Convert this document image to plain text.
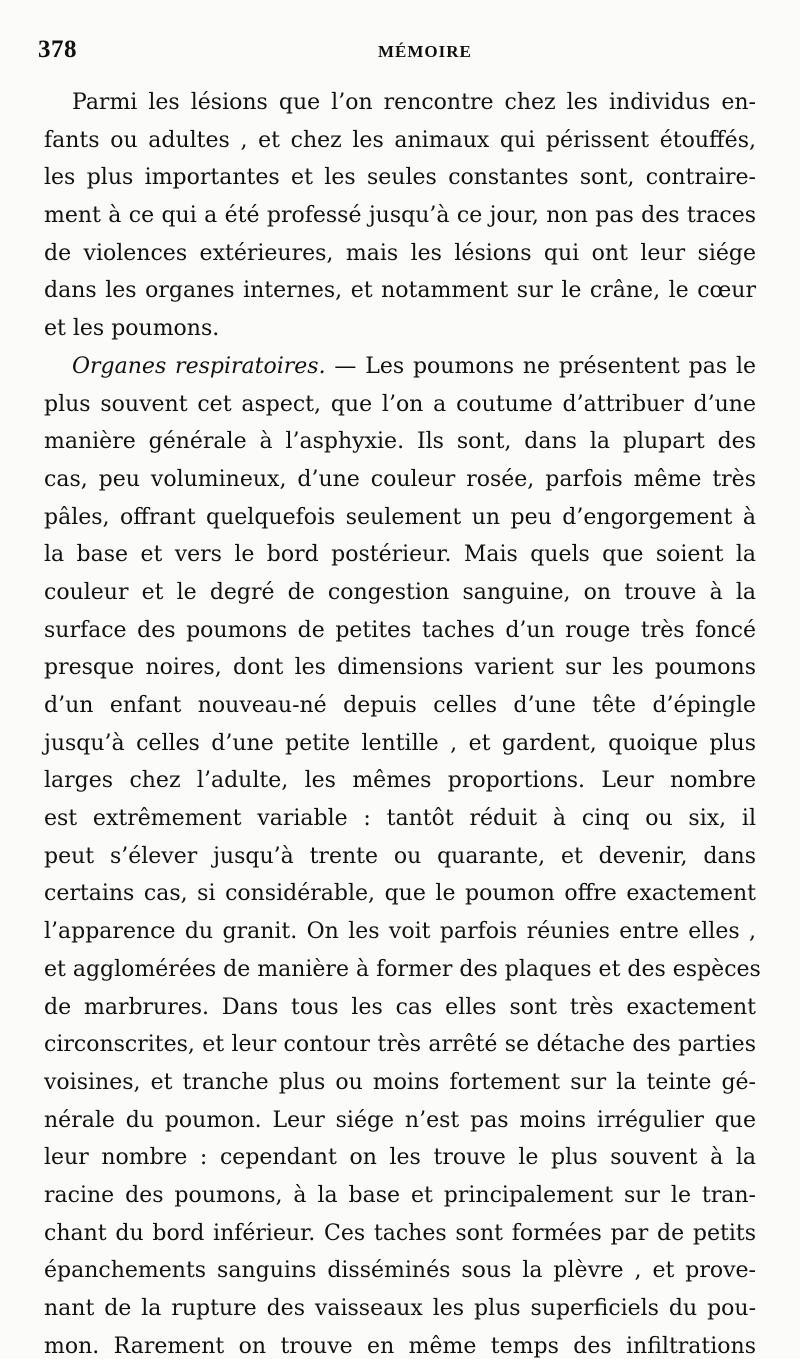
378	MÉMOIRE
Parmi les lésions que l’on rencontre chez les individus en-
fants ou adultes , et chez les animaux qui périssent étouffés,
les plus importantes et les seules constantes sont, contraire-
ment à ce qui a été professé jusqu’à ce jour, non pas des traces
de violences extérieures, mais les lésions qui ont leur siége
dans les organes internes, et notamment sur le crâne, le cœur
et les poumons.
Organes respiratoires. — Les poumons ne présentent pas le
plus souvent cet aspect, que l’on a coutume d’attribuer d’une
manière générale à l’asphyxie. Ils sont, dans la plupart des
cas, peu volumineux, d’une couleur rosée, parfois même très
pâles, offrant quelquefois seulement un peu d’engorgement à
la base et vers le bord postérieur. Mais quels que soient la
couleur et le degré de congestion sanguine, on trouve à la
surface des poumons de petites taches d’un rouge très foncé
presque noires, dont les dimensions varient sur les poumons
d’un enfant nouveau-né depuis celles d’une tête d’épingle
jusqu’à celles d’une petite lentille , et gardent, quoique plus
larges chez l’adulte, les mêmes proportions. Leur nombre
est extrêmement variable : tantôt réduit à cinq ou six, il
peut s’élever jusqu’à trente ou quarante, et devenir, dans
certains cas, si considérable, que le poumon offre exactement
l’apparence du granit. On les voit parfois réunies entre elles ,
et agglomérées de manière à former des plaques et des espèces
de marbrures. Dans tous les cas elles sont très exactement
circonscrites, et leur contour très arrêté se détache des parties
voisines, et tranche plus ou moins fortement sur la teinte gé-
nérale du poumon. Leur siége n’est pas moins irrégulier que
leur nombre : cependant on les trouve le plus souvent à la
racine des poumons, à la base et principalement sur le tran-
chant du bord inférieur. Ces taches sont formées par de petits
épanchements sanguins disséminés sous la plèvre , et prove-
nant de la rupture des vaisseaux les plus superficiels du pou-
mon. Rarement on trouve en même temps des infiltrations
